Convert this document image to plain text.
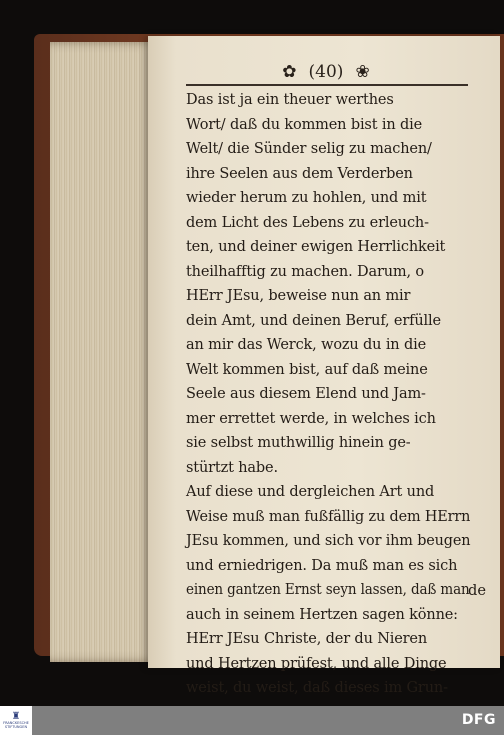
✿ (40) ❀
Das ist ja ein theuer werthes
Wort/ daß du kommen bist in die
Welt/ die Sünder selig zu machen/
ihre Seelen aus dem Verderben
wieder herum zu hohlen, und mit
dem Licht des Lebens zu erleuch-
ten, und deiner ewigen Herrlichkeit
theilhafftig zu machen. Darum, o
HErr JEsu, beweise nun an mir
dein Amt, und deinen Beruf, erfülle
an mir das Werck, wozu du in die
Welt kommen bist, auf daß meine
Seele aus diesem Elend und Jam-
mer errettet werde, in welches ich
sie selbst muthwillig hinein ge-
stürtzt habe.
Auf diese und dergleichen Art und
Weise muß man fußfällig zu dem HErrn
JEsu kommen, und sich vor ihm beugen
und erniedrigen. Da muß man es sich
einen gantzen Ernst seyn lassen, daß man
auch in seinem Hertzen sagen könne:
HErr JEsu Christe, der du Nieren
und Hertzen prüfest, und alle Dinge
weist, du weist, daß dieses im Grun-
de
♜
FRANCKESCHE STIFTUNGEN	DFG
